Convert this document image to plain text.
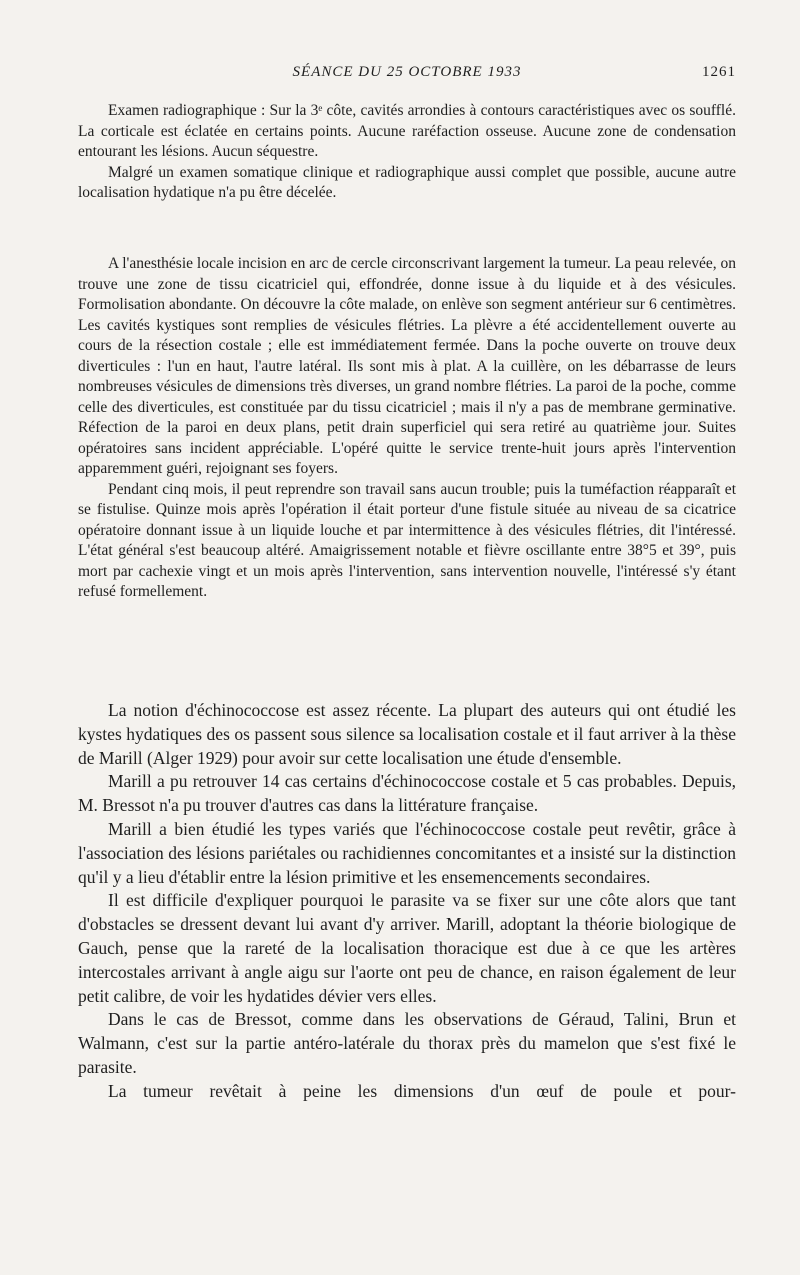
SÉANCE DU 25 OCTOBRE 1933	1261

Examen radiographique : Sur la 3ᵉ côte, cavités arrondies à contours caractéristiques avec os soufflé. La corticale est éclatée en certains points. Aucune raréfaction osseuse. Aucune zone de condensation entourant les lésions. Aucun séquestre.

Malgré un examen somatique clinique et radiographique aussi complet que possible, aucune autre localisation hydatique n'a pu être décelée.

A l'anesthésie locale incision en arc de cercle circonscrivant largement la tumeur. La peau relevée, on trouve une zone de tissu cicatriciel qui, effondrée, donne issue à du liquide et à des vésicules. Formolisation abondante. On découvre la côte malade, on enlève son segment antérieur sur 6 centimètres. Les cavités kystiques sont remplies de vésicules flétries. La plèvre a été accidentellement ouverte au cours de la résection costale ; elle est immédiatement fermée. Dans la poche ouverte on trouve deux diverticules : l'un en haut, l'autre latéral. Ils sont mis à plat. A la cuillère, on les débarrasse de leurs nombreuses vésicules de dimensions très diverses, un grand nombre flétries. La paroi de la poche, comme celle des diverticules, est constituée par du tissu cicatriciel ; mais il n'y a pas de membrane germinative. Réfection de la paroi en deux plans, petit drain superficiel qui sera retiré au quatrième jour. Suites opératoires sans incident appréciable. L'opéré quitte le service trente-huit jours après l'intervention apparemment guéri, rejoignant ses foyers.

Pendant cinq mois, il peut reprendre son travail sans aucun trouble; puis la tuméfaction réapparaît et se fistulise. Quinze mois après l'opération il était porteur d'une fistule située au niveau de sa cicatrice opératoire donnant issue à un liquide louche et par intermittence à des vésicules flétries, dit l'intéressé. L'état général s'est beaucoup altéré. Amaigrissement notable et fièvre oscillante entre 38°5 et 39°, puis mort par cachexie vingt et un mois après l'intervention, sans intervention nouvelle, l'intéressé s'y étant refusé formellement.

La notion d'échinococcose est assez récente. La plupart des auteurs qui ont étudié les kystes hydatiques des os passent sous silence sa localisation costale et il faut arriver à la thèse de Marill (Alger 1929) pour avoir sur cette localisation une étude d'ensemble.

Marill a pu retrouver 14 cas certains d'échinococcose costale et 5 cas probables. Depuis, M. Bressot n'a pu trouver d'autres cas dans la littérature française.

Marill a bien étudié les types variés que l'échinococcose costale peut revêtir, grâce à l'association des lésions pariétales ou rachidiennes concomitantes et a insisté sur la distinction qu'il y a lieu d'établir entre la lésion primitive et les ensemencements secondaires.

Il est difficile d'expliquer pourquoi le parasite va se fixer sur une côte alors que tant d'obstacles se dressent devant lui avant d'y arriver. Marill, adoptant la théorie biologique de Gauch, pense que la rareté de la localisation thoracique est due à ce que les artères intercostales arrivant à angle aigu sur l'aorte ont peu de chance, en raison également de leur petit calibre, de voir les hydatides dévier vers elles.

Dans le cas de Bressot, comme dans les observations de Géraud, Talini, Brun et Walmann, c'est sur la partie antéro-latérale du thorax près du mamelon que s'est fixé le parasite.

La tumeur revêtait à peine les dimensions d'un œuf de poule et pour-
